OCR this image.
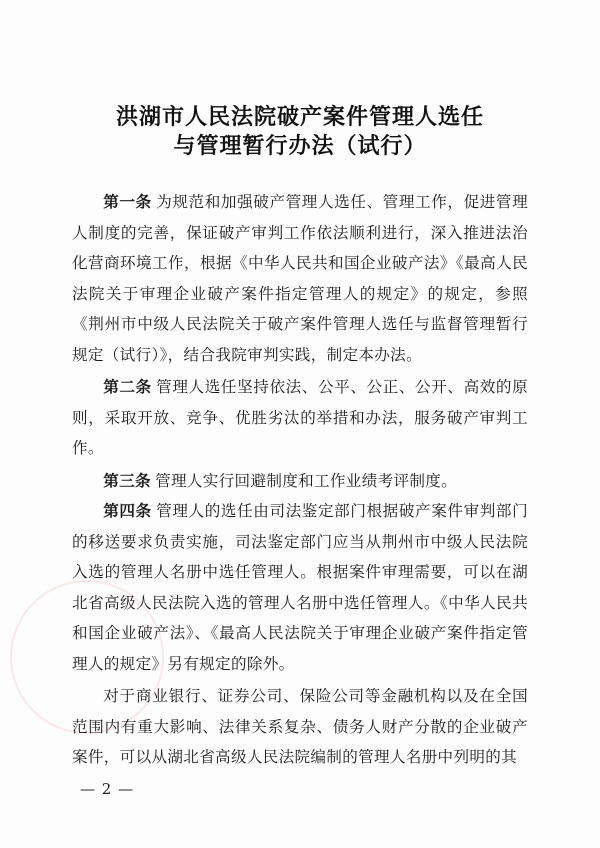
洪湖市人民法院破产案件管理人选任
与管理暂行办法（试行）

第一条  为规范和加强破产管理人选任、管理工作，促进管理人制度的完善，保证破产审判工作依法顺利进行，深入推进法治化营商环境工作，根据《中华人民共和国企业破产法》《最高人民法院关于审理企业破产案件指定管理人的规定》的规定，参照《荆州市中级人民法院关于破产案件管理人选任与监督管理暂行规定（试行）》，结合我院审判实践，制定本办法。

第二条  管理人选任坚持依法、公平、公正、公开、高效的原则，采取开放、竞争、优胜劣汰的举措和办法，服务破产审判工作。

第三条  管理人实行回避制度和工作业绩考评制度。

第四条  管理人的选任由司法鉴定部门根据破产案件审判部门的移送要求负责实施，司法鉴定部门应当从荆州市中级人民法院入选的管理人名册中选任管理人。根据案件审理需要，可以在湖北省高级人民法院入选的管理人名册中选任管理人。《中华人民共和国企业破产法》、《最高人民法院关于审理企业破产案件指定管理人的规定》另有规定的除外。

对于商业银行、证券公司、保险公司等金融机构以及在全国范围内有重大影响、法律关系复杂、债务人财产分散的企业破产案件，可以从湖北省高级人民法院编制的管理人名册中列明的其

— 2 —
